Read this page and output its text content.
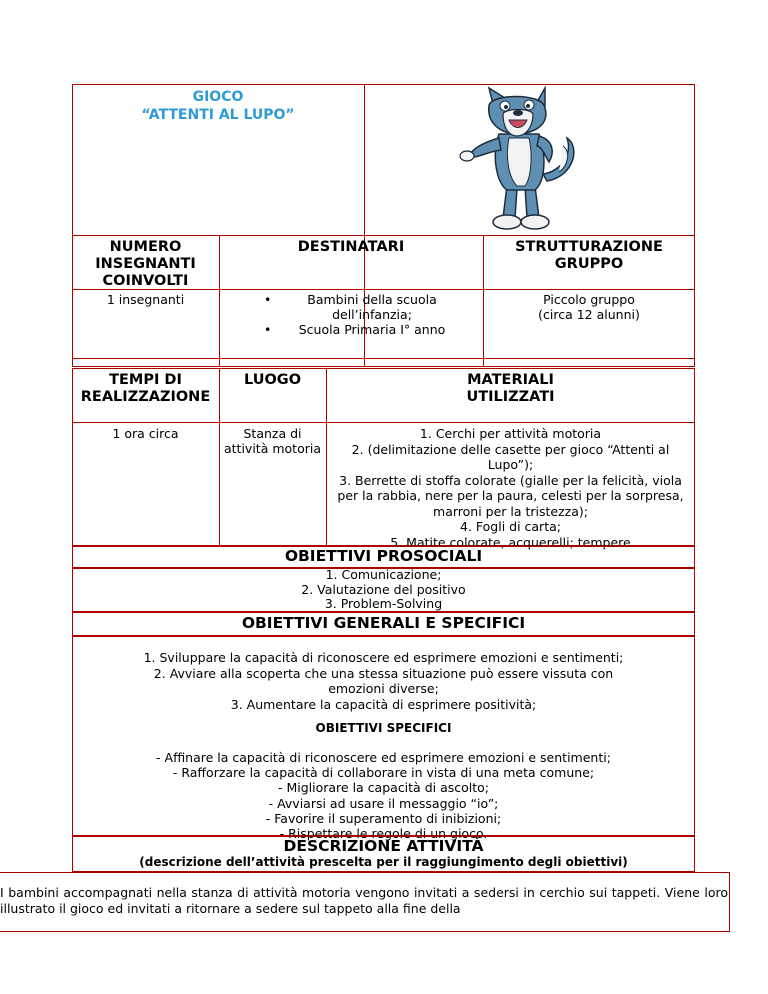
GIOCO
“ATTENTI AL LUPO”
NUMERO
INSEGNANTI
COINVOLTI
DESTINATARI	STRUTTURAZIONE
GRUPPO
1 insegnanti
•	Bambini della scuola dell’infanzia;
• Scuola Primaria I° anno
Piccolo gruppo
(circa 12 alunni)
TEMPI DI
REALIZZAZIONE
LUOGO	MATERIALI
UTILIZZATI
1 ora circa	Stanza di
attività motoria
1. Cerchi per attività motoria
2. (delimitazione delle casette per gioco “Attenti al
Lupo”);
3. Berrette di stoffa colorate (gialle per la felicità, viola
per la rabbia, nere per la paura, celesti per la sorpresa,
marroni per la tristezza);
4. Fogli di carta;
5. Matite colorate, acquerelli; tempere
OBIETTIVI PROSOCIALI
1. Comunicazione;
2. Valutazione del positivo
3. Problem-Solving
OBIETTIVI GENERALI E SPECIFICI
1. Sviluppare la capacità di riconoscere ed esprimere emozioni e sentimenti;
2. Avviare alla scoperta che una stessa situazione può essere vissuta con
emozioni diverse;
3. Aumentare la capacità di esprimere positività;
OBIETTIVI SPECIFICI
- Affinare la capacità di riconoscere ed esprimere emozioni e sentimenti;
- Rafforzare la capacità di collaborare in vista di una meta comune;
- Migliorare la capacità di ascolto;
- Avviarsi ad usare il messaggio “io”;
- Favorire il superamento di inibizioni;
- Rispettare le regole di un gioco.
DESCRIZIONE ATTIVITÀ
(descrizione dell’attività prescelta per il raggiungimento degli obiettivi)
I bambini accompagnati nella stanza di attività motoria vengono invitati a sedersi in cerchio sui tappeti. Viene loro illustrato il gioco ed invitati a ritornare a sedere sul tappeto alla fine della
